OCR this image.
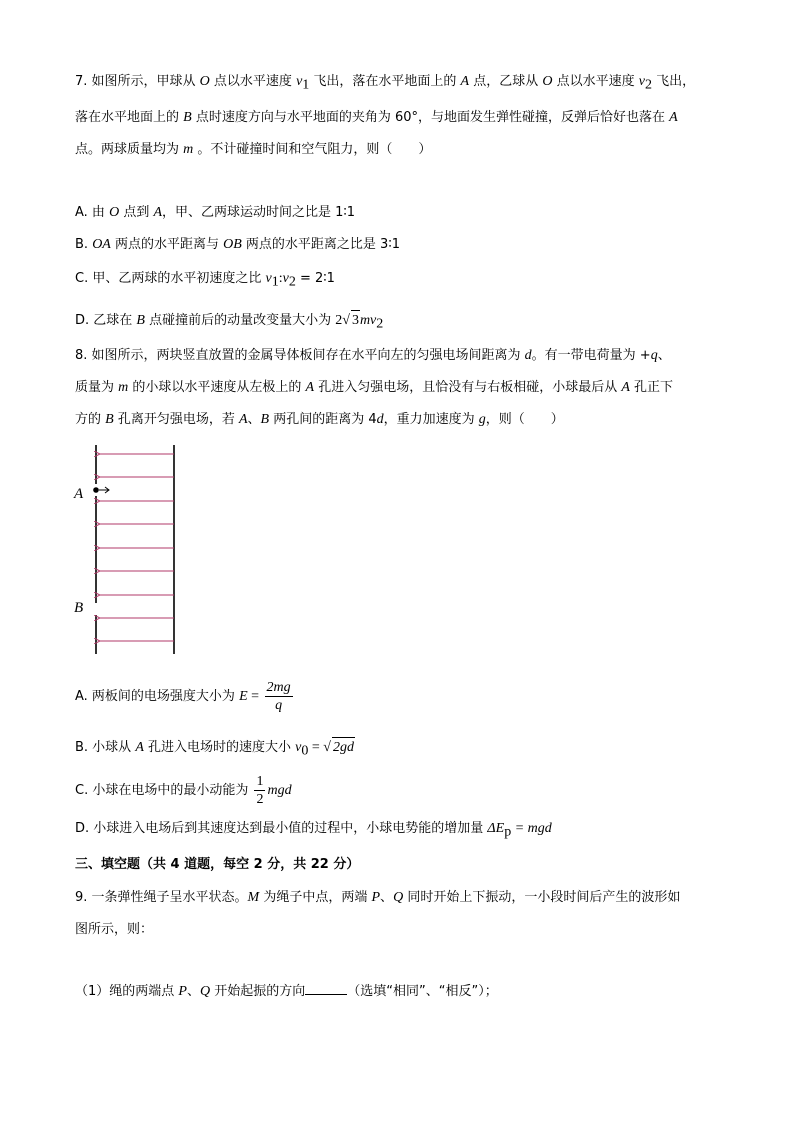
7. 如图所示，甲球从 O 点以水平速度 $v_1$ 飞出，落在水平地面上的 A 点，乙球从 O 点以水平速度 $v_2$ 飞出，
落在水平地面上的 B 点时速度方向与水平地面的夹角为 60°，与地面发生弹性碰撞，反弹后恰好也落在 A
点。两球质量均为 m 。不计碰撞时间和空气阻力，则（　　）
A. 由 O 点到 A，甲、乙两球运动时间之比是 1∶1
B. OA 两点的水平距离与 OB 两点的水平距离之比是 3∶1
C. 甲、乙两球的水平初速度之比 $v_1:v_2$ = 2∶1
D. 乙球在 B 点碰撞前后的动量改变量大小为 2√ $3mv_2$
8. 如图所示，两块竖直放置的金属导体板间存在水平向左的匀强电场间距离为 d。有一带电荷量为 +q、
质量为 m 的小球以水平速度从左极上的 A 孔进入匀强电场，且恰没有与右板相碰，小球最后从 A 孔正下
方的 B 孔离开匀强电场，若 A、B 两孔间的距离为 4d，重力加速度为 g，则（　　）
A
B
A. 两板间的电场强度大小为 $E = \frac{2mg}{q}$
B. 小球从 A 孔进入电场时的速度大小 $v_0$ = √ 2gd
C. 小球在电场中的最小动能为 $\frac{1}{2}$ mgd
D. 小球进入电场后到其速度达到最小值的过程中，小球电势能的增加量 $\Delta E_p$ = mgd
三、填空题（共 4 道题，每空 2 分，共 22 分）
9. 一条弹性绳子呈水平状态。M 为绳子中点，两端 P、Q 同时开始上下振动，一小段时间后产生的波形如
图所示，则：
（1）绳的两端点 P、Q 开始起振的方向	（选填“相同”、“相反”）；
